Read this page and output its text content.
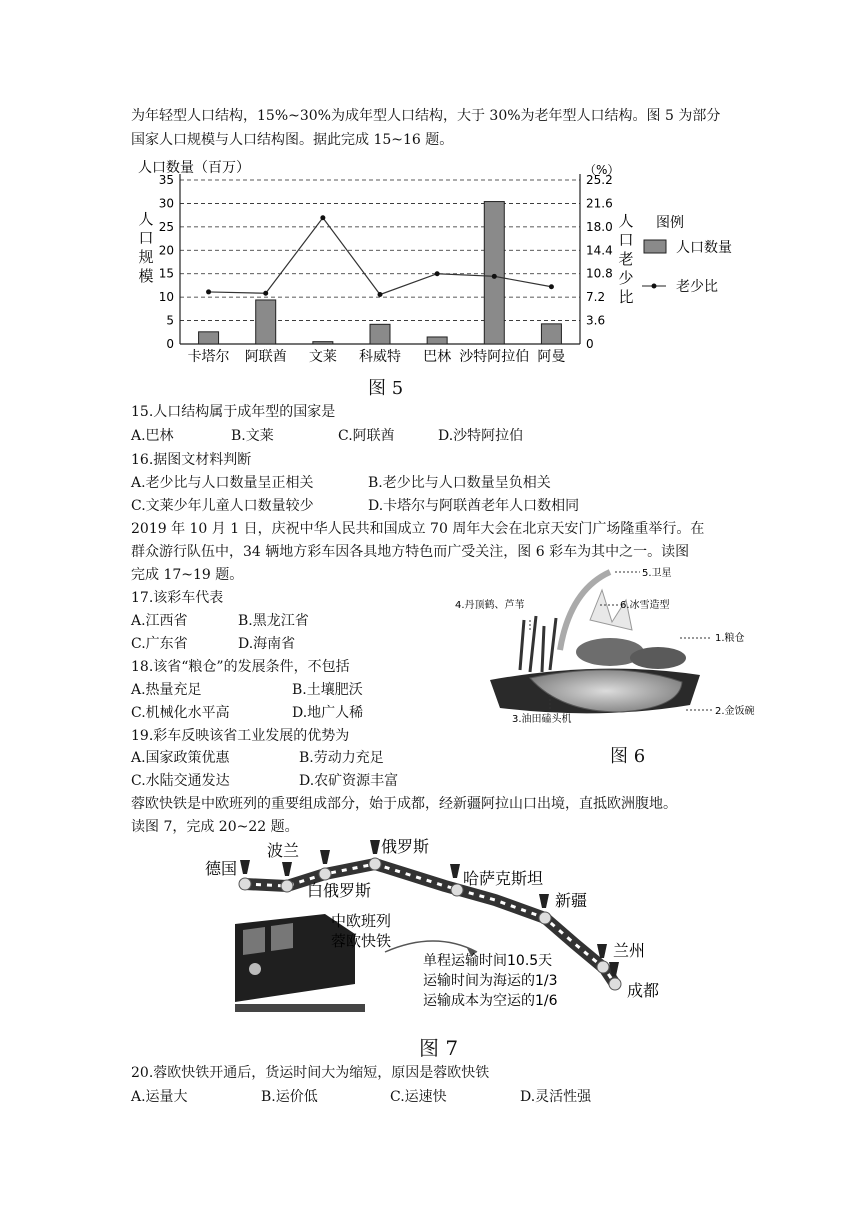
为年轻型人口结构，15%~30%为成年型人口结构，大于 30%为老年型人口结构。图 5 为部分
国家人口规模与人口结构图。据此完成 15~16 题。
0
5
10
15
20
25
30
35
0
3.6
7.2
10.8
14.4
18.0
21.6
25.2
卡塔尔 阿联酋 文莱 科威特 巴林 沙特阿拉伯 阿曼
人口数量（百万）	（%）
人
口
规
模
人
口
老
少
比
图例
人口数量
老少比
图 5
15.人口结构属于成年型的国家是
A.巴林	B.文莱	C.阿联酋	D.沙特阿拉伯
16.据图文材料判断
A.老少比与人口数量呈正相关	B.老少比与人口数量呈负相关
C.文莱少年儿童人口数量较少	D.卡塔尔与阿联酋老年人口数相同
2019 年 10 月 1 日，庆祝中华人民共和国成立 70 周年大会在北京天安门广场隆重举行。在
群众游行队伍中，34 辆地方彩车因各具地方特色而广受关注，图 6 彩车为其中之一。读图
完成 17~19 题。
17.该彩车代表
A.江西省	B.黑龙江省
C.广东省	D.海南省
18.该省“粮仓”的发展条件，不包括
A.热量充足	B.土壤肥沃
C.机械化水平高	D.地广人稀
19.彩车反映该省工业发展的优势为
A.国家政策优惠	B.劳动力充足
C.水陆交通发达	D.农矿资源丰富
5.卫星
4.丹顶鹤、芦苇	6.冰雪造型
1.粮仓
3.油田磕头机
2.金饭碗
图 6
蓉欧快铁是中欧班列的重要组成部分，始于成都，经新疆阿拉山口出境，直抵欧洲腹地。
读图 7，完成 20~22 题。
德国
波兰
白俄罗斯
俄罗斯
哈萨克斯坦
新疆
兰州
成都
中欧班列
蓉欧快铁
单程运输时间10.5天
运输时间为海运的1/3
运输成本为空运的1/6
图 7
20.蓉欧快铁开通后，货运时间大为缩短，原因是蓉欧快铁
A.运量大	B.运价低	C.运速快	D.灵活性强
